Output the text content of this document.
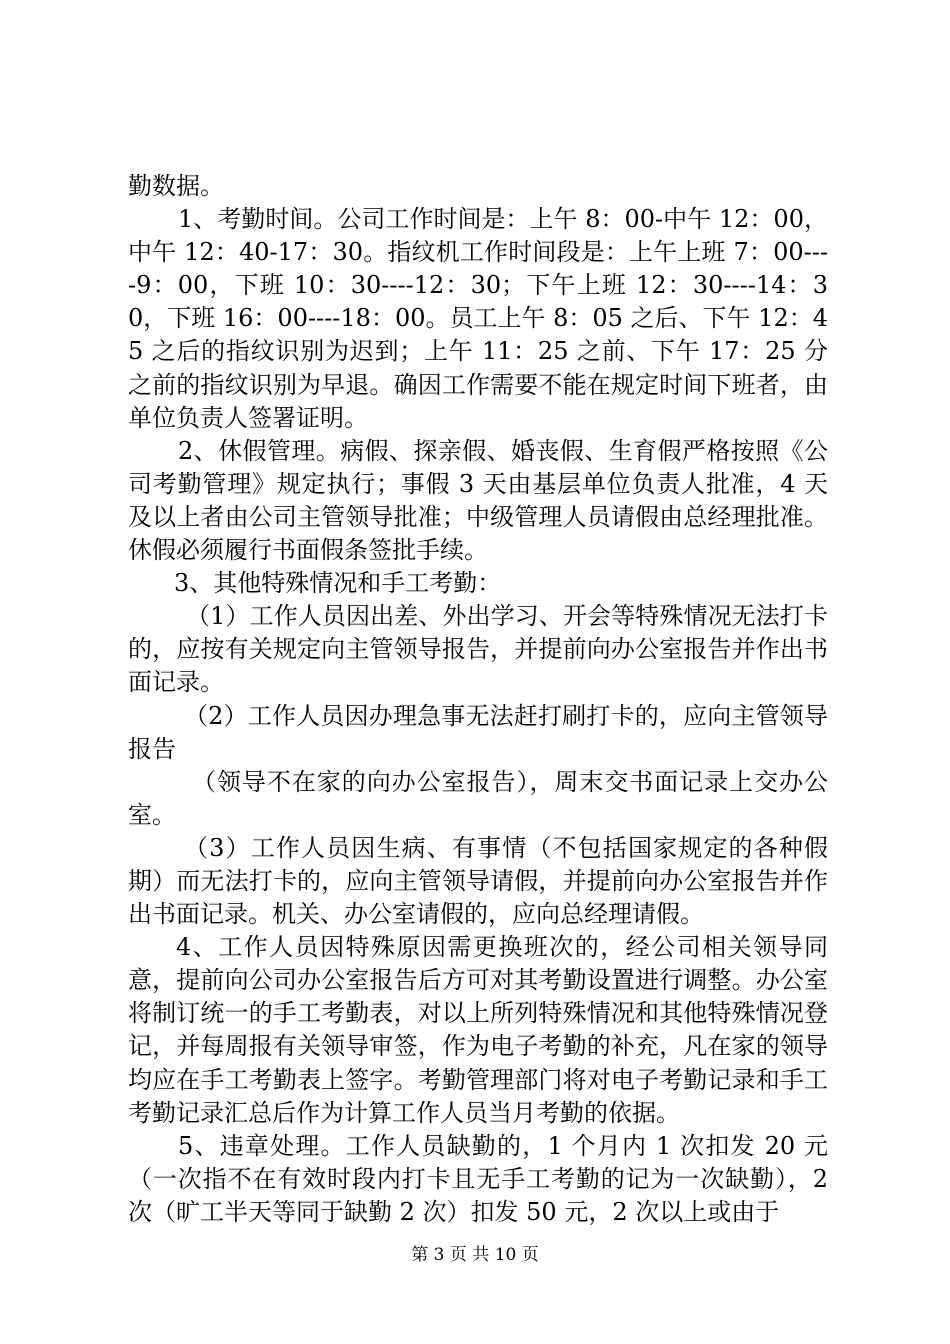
勤数据。

1、考勤时间。公司工作时间是：上午 8：00-中午 12：00，中午 12：40-17：30。指纹机工作时间段是：上午上班 7：00----9：00，下班 10：30----12：30；下午上班 12：30----14：30，下班 16：00----18：00。员工上午 8：05 之后、下午 12：45 之后的指纹识别为迟到；上午 11：25 之前、下午 17：25 分之前的指纹识别为早退。确因工作需要不能在规定时间下班者，由单位负责人签署证明。

2、休假管理。病假、探亲假、婚丧假、生育假严格按照《公司考勤管理》规定执行；事假 3 天由基层单位负责人批准，4 天及以上者由公司主管领导批准；中级管理人员请假由总经理批准。休假必须履行书面假条签批手续。

3、其他特殊情况和手工考勤：

（1）工作人员因出差、外出学习、开会等特殊情况无法打卡的，应按有关规定向主管领导报告，并提前向办公室报告并作出书面记录。

（2）工作人员因办理急事无法赶打刷打卡的，应向主管领导报告

（领导不在家的向办公室报告），周末交书面记录上交办公室。

（3）工作人员因生病、有事情（不包括国家规定的各种假期）而无法打卡的，应向主管领导请假，并提前向办公室报告并作出书面记录。机关、办公室请假的，应向总经理请假。

4、工作人员因特殊原因需更换班次的，经公司相关领导同意，提前向公司办公室报告后方可对其考勤设置进行调整。办公室将制订统一的手工考勤表，对以上所列特殊情况和其他特殊情况登记，并每周报有关领导审签，作为电子考勤的补充，凡在家的领导均应在手工考勤表上签字。考勤管理部门将对电子考勤记录和手工考勤记录汇总后作为计算工作人员当月考勤的依据。

5、违章处理。工作人员缺勤的，1 个月内 1 次扣发 20 元（一次指不在有效时段内打卡且无手工考勤的记为一次缺勤），2 次（旷工半天等同于缺勤 2 次）扣发 50 元，2 次以上或由于

第 3 页 共 10 页
